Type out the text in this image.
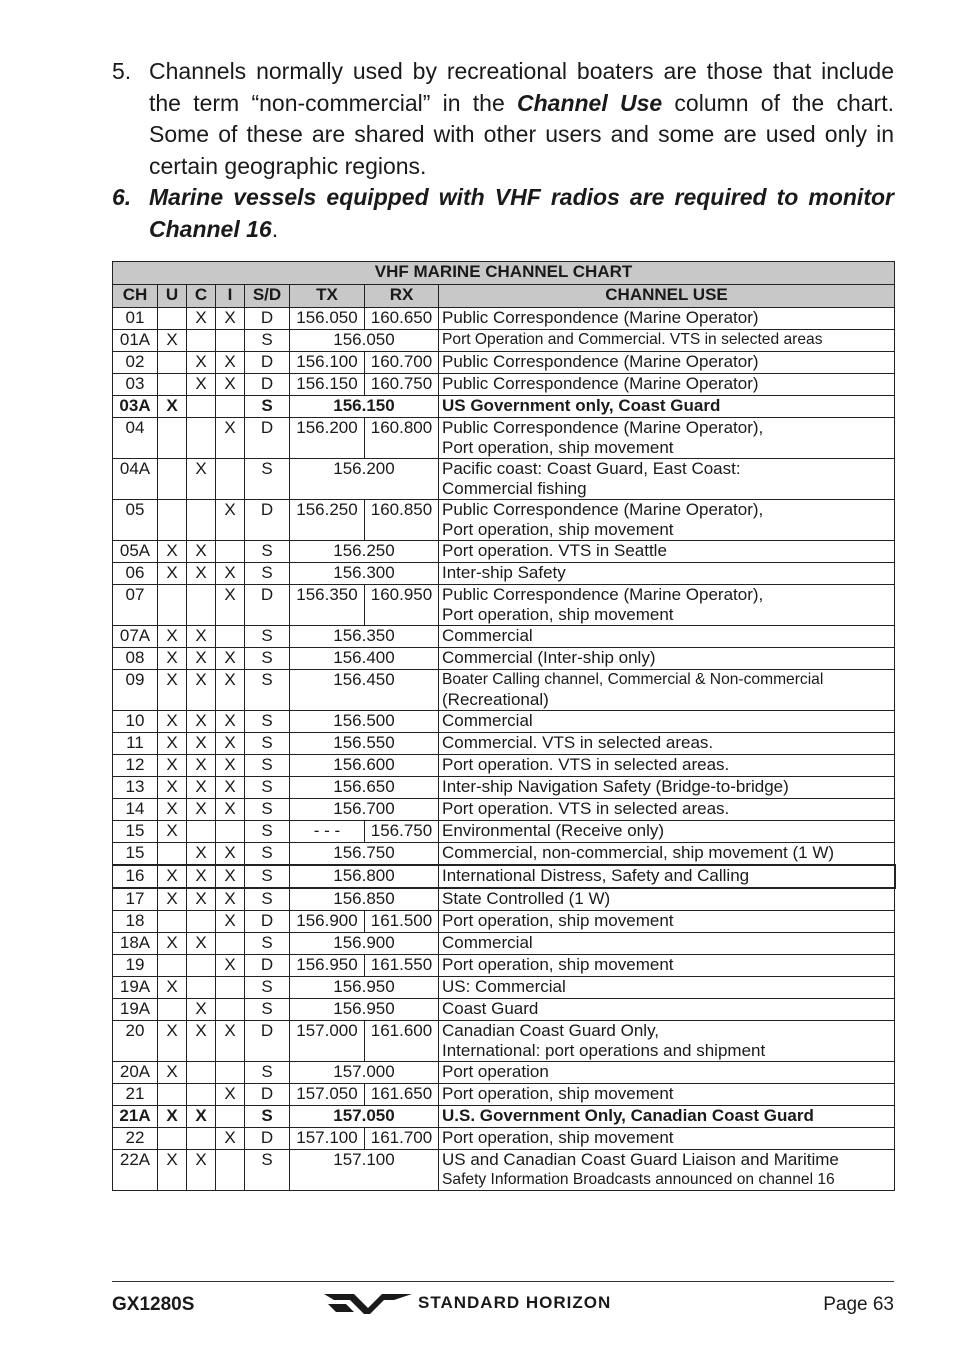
5. Channels normally used by recreational boaters are those that include the term “non-commercial” in the Channel Use column of the chart. Some of these are shared with other users and some are used only in certain geographic regions.
6. Marine vessels equipped with VHF radios are required to monitor Channel 16.
VHF MARINE CHANNEL CHART							
CH	U	C	I	S/D	TX	RX	CHANNEL USE
01		X	X	D	156.050	160.650	Public Correspondence (Marine Operator)

01A	X			S	156.050		Port Operation and Commercial. VTS in selected areas

02		X	X	D	156.100	160.700	Public Correspondence (Marine Operator)

03		X	X	D	156.150	160.750	Public Correspondence (Marine Operator)

03A	X			S	156.150		US Government only, Coast Guard

04			X	D	156.200	160.800	Public Correspondence (Marine Operator),
Port operation, ship movement

04A		X		S	156.200		Pacific coast: Coast Guard, East Coast:
Commercial fishing

05			X	D	156.250	160.850	Public Correspondence (Marine Operator),
Port operation, ship movement

05A	X	X		S	156.250		Port operation. VTS in Seattle

06	X	X	X	S	156.300		Inter-ship Safety

07			X	D	156.350	160.950	Public Correspondence (Marine Operator),
Port operation, ship movement

07A	X	X		S	156.350		Commercial

08	X	X	X	S	156.400		Commercial (Inter-ship only)

09	X	X	X	S	156.450		Boater Calling channel, Commercial & Non-commercial
(Recreational)

10	X	X	X	S	156.500		Commercial

11	X	X	X	S	156.550		Commercial. VTS in selected areas.

12	X	X	X	S	156.600		Port operation. VTS in selected areas.

13	X	X	X	S	156.650		Inter-ship Navigation Safety (Bridge-to-bridge)

14	X	X	X	S	156.700		Port operation. VTS in selected areas.

15	X			S	- - -	156.750	Environmental (Receive only)

15		X	X	S	156.750		Commercial, non-commercial, ship movement (1 W)

16	X	X	X	S	156.800		International Distress, Safety and Calling

17	X	X	X	S	156.850		State Controlled (1 W)

18			X	D	156.900	161.500	Port operation, ship movement

18A	X	X		S	156.900		Commercial

19			X	D	156.950	161.550	Port operation, ship movement

19A	X			S	156.950		US: Commercial

19A		X		S	156.950		Coast Guard

20	X	X	X	D	157.000	161.600	Canadian Coast Guard Only,
International: port operations and shipment

20A	X			S	157.000		Port operation

21			X	D	157.050	161.650	Port operation, ship movement

21A	X	X		S	157.050		U.S. Government Only, Canadian Coast Guard

22			X	D	157.100	161.700	Port operation, ship movement

22A	X	X		S	157.100		US and Canadian Coast Guard Liaison and Maritime
Safety Information Broadcasts announced on channel 16
GX1280S	STANDARD HORIZON	Page 63
